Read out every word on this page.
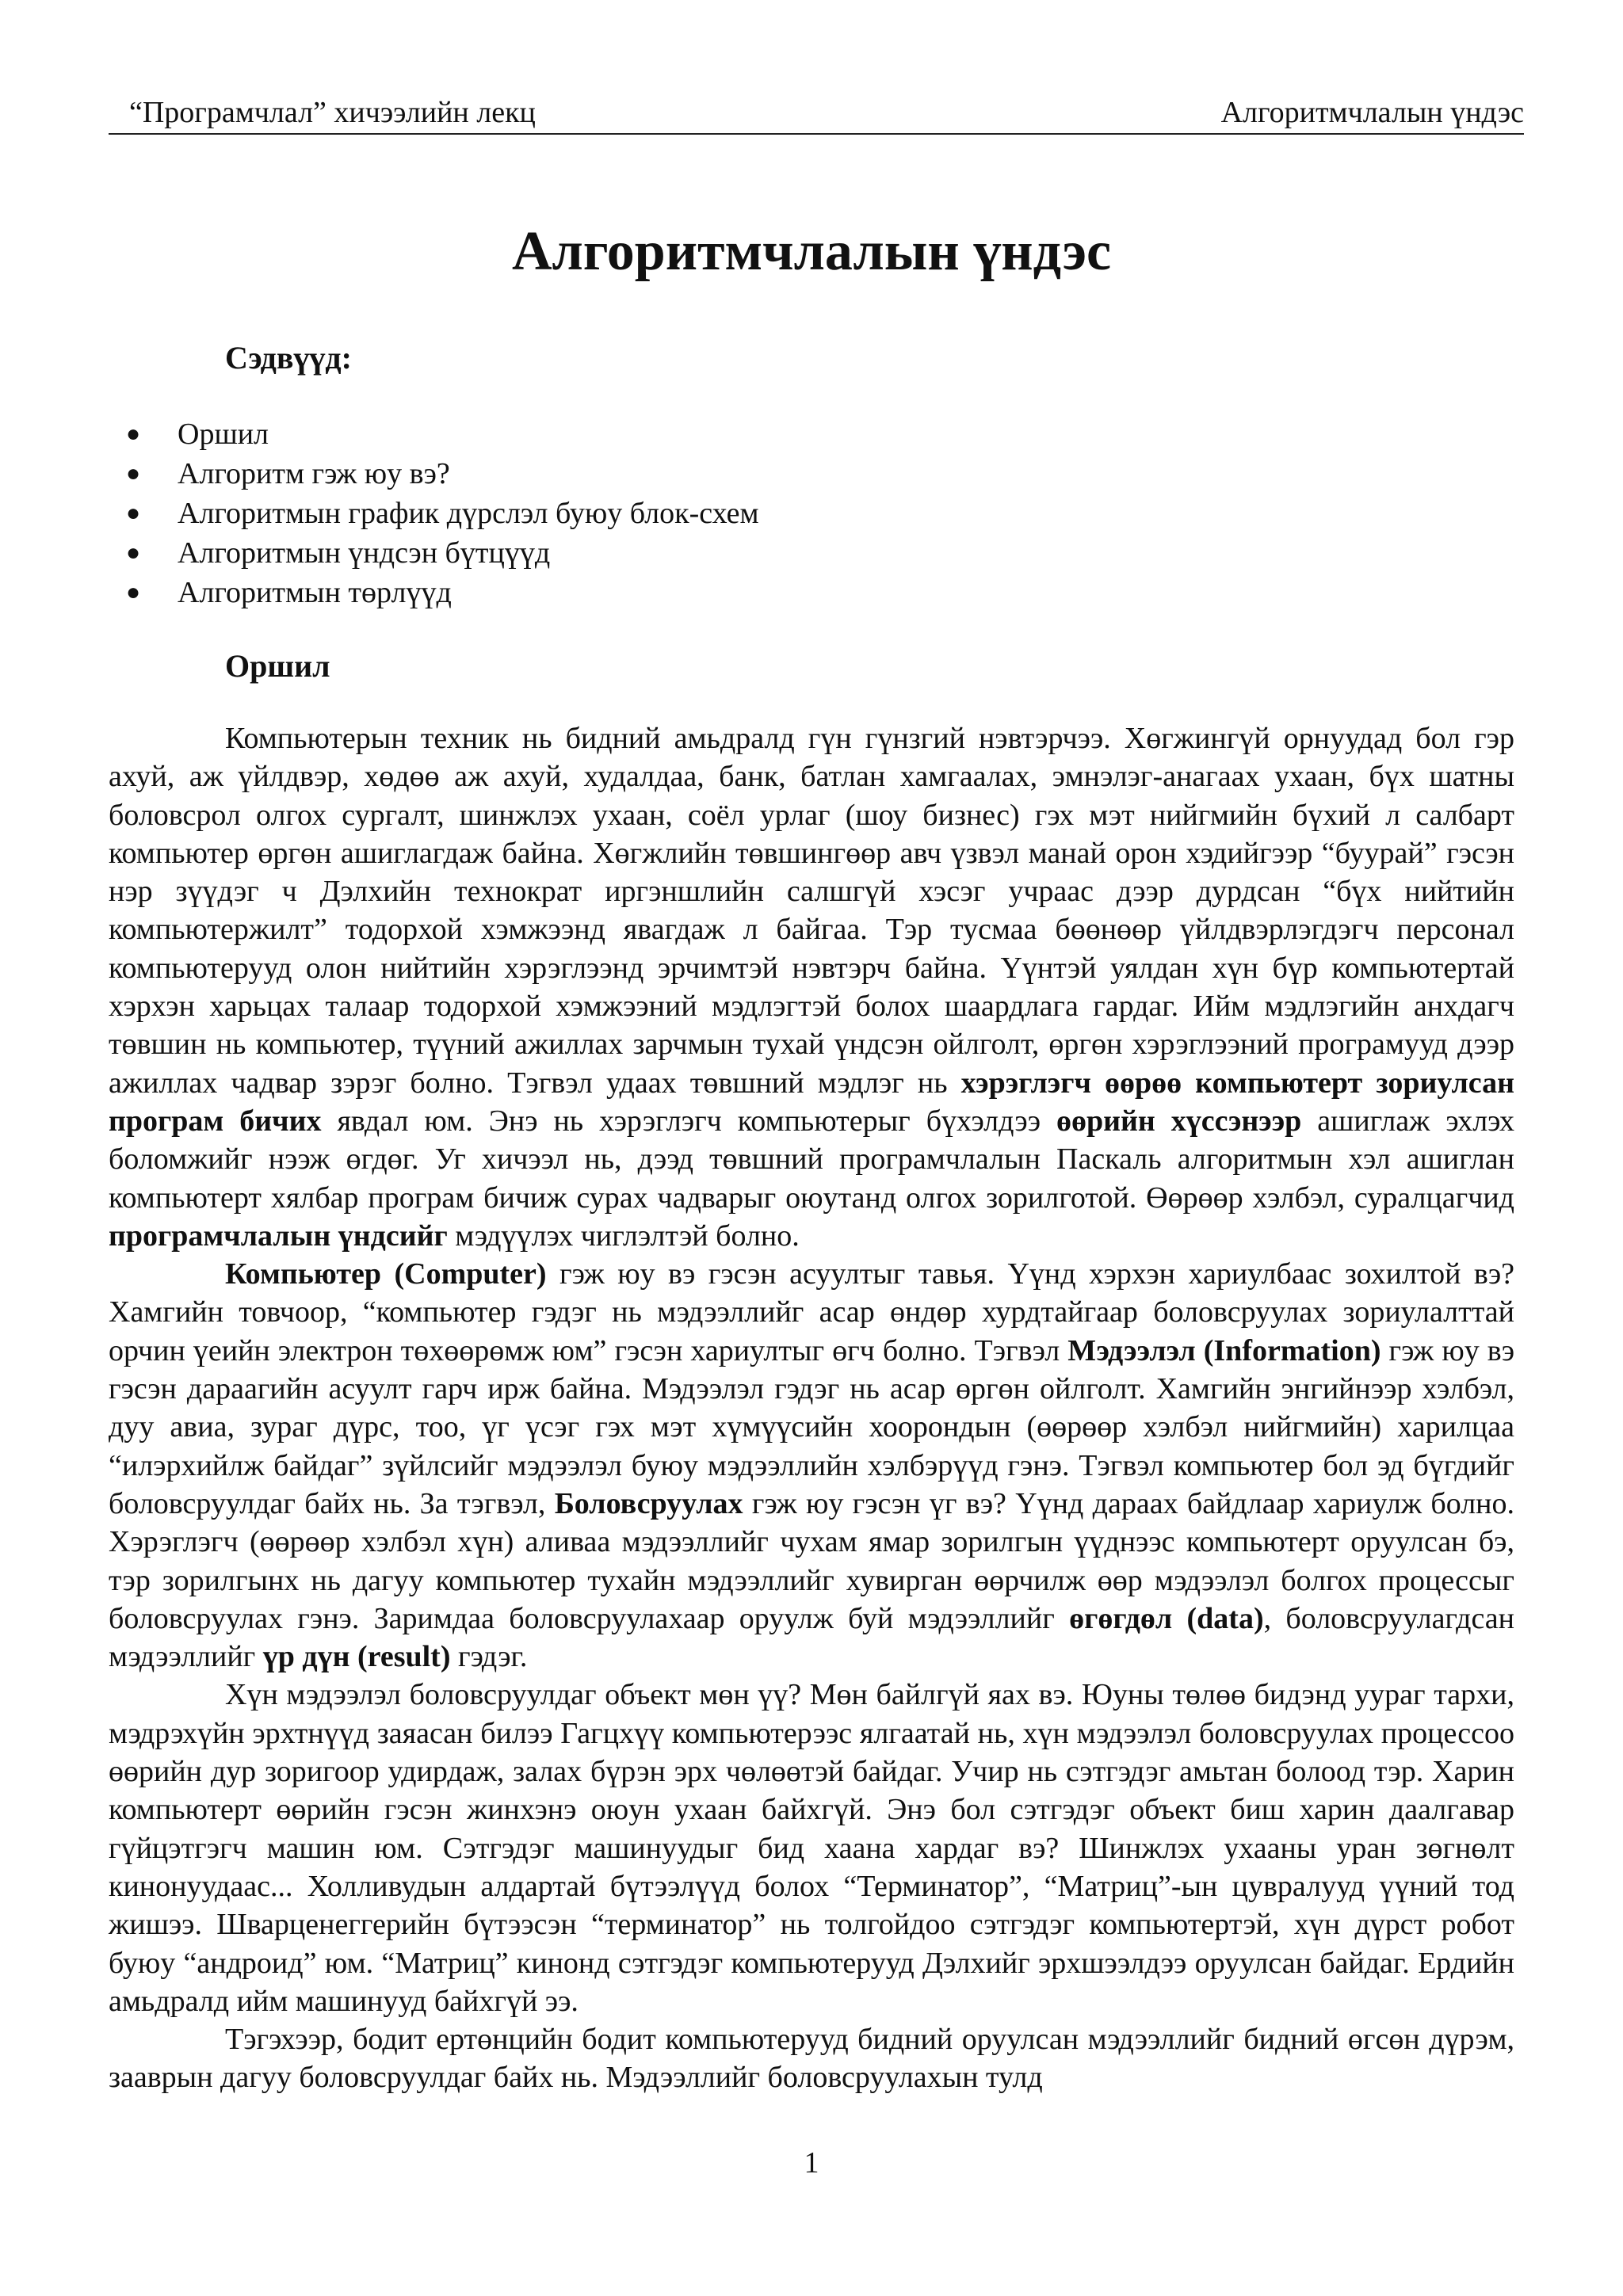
“Програмчлал” хичээлийн лекц	Алгоритмчлалын үндэс
Алгоритмчлалын үндэс
Сэдвүүд:
● Оршил
● Алгоритм гэж юу вэ?
● Алгоритмын график дүрслэл буюу блок-схем
● Алгоритмын үндсэн бүтцүүд
● Алгоритмын төрлүүд
Оршил

Компьютерын техник нь бидний амьдралд гүн гүнзгий нэвтэрчээ. Хөгжингүй орнуудад бол гэр ахуй, аж үйлдвэр, хөдөө аж ахуй, худалдаа, банк, батлан хамгаалах, эмнэлэг-анагаах ухаан, бүх шатны боловсрол олгох сургалт, шинжлэх ухаан, соёл урлаг (шоу бизнес) гэх мэт нийгмийн бүхий л салбарт компьютер өргөн ашиглагдаж байна. Хөгжлийн төвшингөөр авч үзвэл манай орон хэдийгээр “буурай” гэсэн нэр зүүдэг ч Дэлхийн технократ иргэншлийн салшгүй хэсэг учраас дээр дурдсан “бүх нийтийн компьютержилт” тодорхой хэмжээнд явагдаж л байгаа. Тэр тусмаа бөөнөөр үйлдвэрлэгдэгч персонал компьютерууд олон нийтийн хэрэглээнд эрчимтэй нэвтэрч байна. Үүнтэй уялдан хүн бүр компьютертай хэрхэн харьцах талаар тодорхой хэмжээний мэдлэгтэй болох шаардлага гардаг. Ийм мэдлэгийн анхдагч төвшин нь компьютер, түүний ажиллах зарчмын тухай үндсэн ойлголт, өргөн хэрэглээний програмууд дээр ажиллах чадвар зэрэг болно. Тэгвэл удаах төвшний мэдлэг нь хэрэглэгч өөрөө компьютерт зориулсан програм бичих явдал юм. Энэ нь хэрэглэгч компьютерыг бүхэлдээ өөрийн хүссэнээр ашиглаж эхлэх боломжийг нээж өгдөг. Уг хичээл нь, дээд төвшний програмчлалын Паскаль алгоритмын хэл ашиглан компьютерт хялбар програм бичиж сурах чадварыг оюутанд олгох зорилготой. Өөрөөр хэлбэл, суралцагчид програмчлалын үндсийг мэдүүлэх чиглэлтэй болно.

Компьютер (Computer) гэж юу вэ гэсэн асуултыг тавья. Үүнд хэрхэн хариулбаас зохилтой вэ? Хамгийн товчоор, “компьютер гэдэг нь мэдээллийг асар өндөр хурдтайгаар боловсруулах зориулалттай орчин үеийн электрон төхөөрөмж юм” гэсэн хариултыг өгч болно. Тэгвэл Мэдээлэл (Information) гэж юу вэ гэсэн дараагийн асуулт гарч ирж байна. Мэдээлэл гэдэг нь асар өргөн ойлголт. Хамгийн энгийнээр хэлбэл, дуу авиа, зураг дүрс, тоо, үг үсэг гэх мэт хүмүүсийн хоорондын (өөрөөр хэлбэл нийгмийн) харилцаа “илэрхийлж байдаг” зүйлсийг мэдээлэл буюу мэдээллийн хэлбэрүүд гэнэ. Тэгвэл компьютер бол эд бүгдийг боловсруулдаг байх нь. За тэгвэл, Боловсруулах гэж юу гэсэн үг вэ? Үүнд дараах байдлаар хариулж болно. Хэрэглэгч (өөрөөр хэлбэл хүн) аливаа мэдээллийг чухам ямар зорилгын үүднээс компьютерт оруулсан бэ, тэр зорилгынх нь дагуу компьютер тухайн мэдээллийг хувирган өөрчилж өөр мэдээлэл болгох процессыг боловсруулах гэнэ. Заримдаа боловсруулахаар оруулж буй мэдээллийг өгөгдөл (data), боловсруулагдсан мэдээллийг үр дүн (result) гэдэг.

Хүн мэдээлэл боловсруулдаг объект мөн үү? Мөн байлгүй яах вэ. Юуны төлөө бидэнд ууpaг тархи, мэдрэхүйн эрхтнүүд заяасан билээ Гагцхүү компьютерээс ялгаатай нь, хүн мэдээлэл боловсруулах процессоо өөрийн дур зоригоор удирдаж, залах бүрэн эрх чөлөөтэй байдаг. Учир нь сэтгэдэг амьтан болоод тэр. Харин компьютерт өөрийн гэсэн жинхэнэ оюун ухаан байхгүй. Энэ бол сэтгэдэг объект биш харин даалгавар гүйцэтгэгч машин юм. Сэтгэдэг машинуудыг бид хаана хардаг вэ? Шинжлэх ухааны уран зөгнөлт кинонуудаас... Холливудын алдартай бүтээлүүд болох “Терминатор”, “Матриц”-ын цувралууд үүний тод жишээ. Шварценеггерийн бүтээсэн “терминатор” нь толгойдоо сэтгэдэг компьютертэй, хүн дүрст робот буюу “андроид” юм. “Матриц” кинонд сэтгэдэг компьютерууд Дэлхийг эрхшээлдээ оруулсан байдаг. Ердийн амьдралд ийм машинууд байхгүй ээ.

Тэгэхээр, бодит ертөнцийн бодит компьютерууд бидний оруулсан мэдээллийг бидний өгсөн дүрэм, зааврын дагуу боловсруулдаг байх нь. Мэдээллийг боловсруулахын тулд

1
